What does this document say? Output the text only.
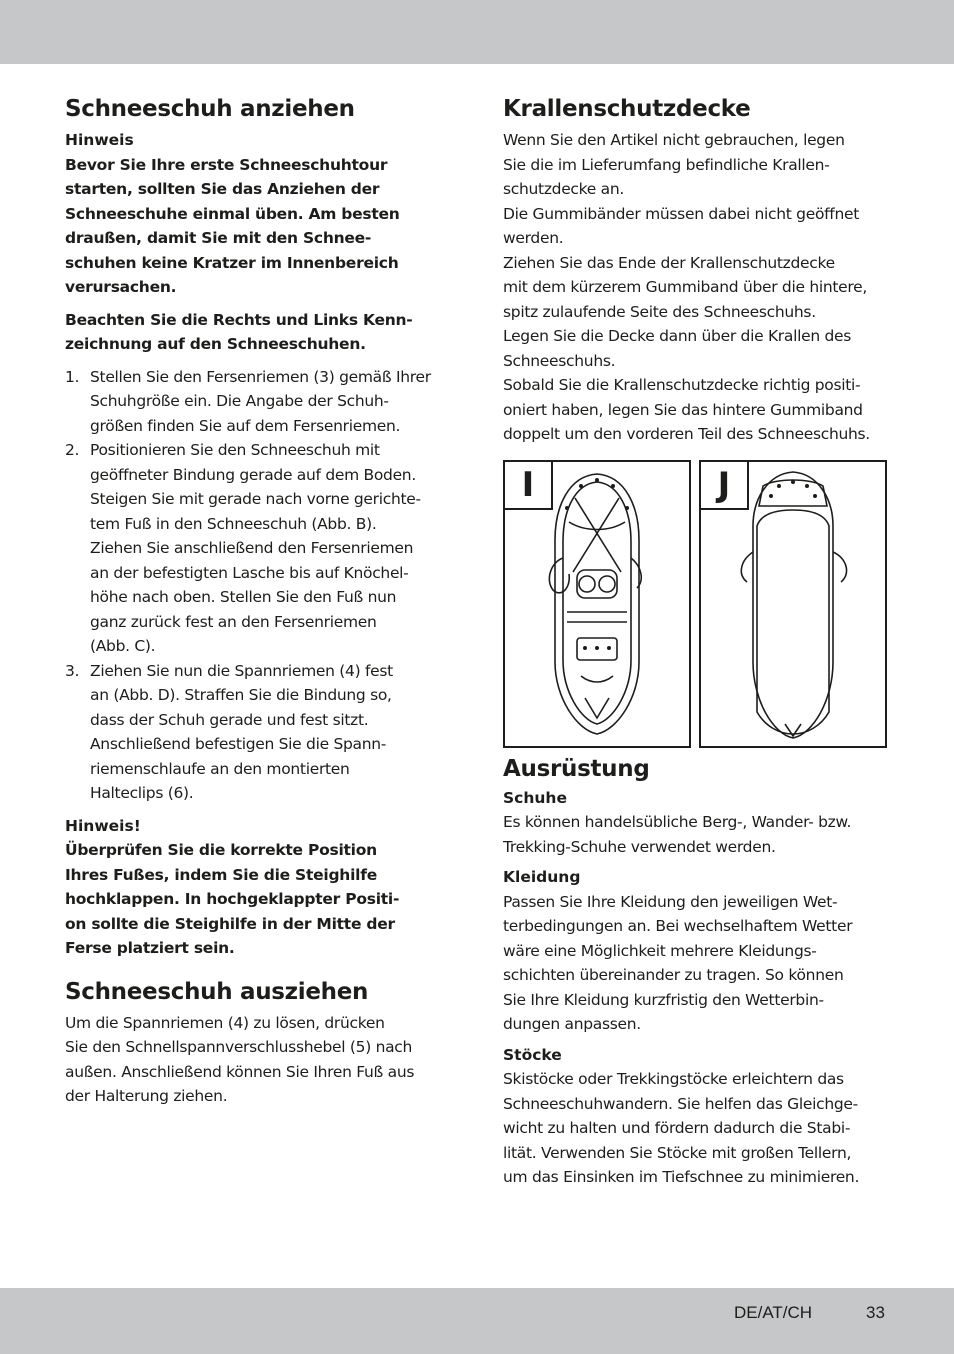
Schneeschuh anziehen
Hinweis

Bevor Sie Ihre erste Schneeschuhtour
starten, sollten Sie das Anziehen der
Schneeschuhe einmal üben. Am besten
draußen, damit Sie mit den Schnee-
schuhen keine Kratzer im Innenbereich
verursachen.

Beachten Sie die Rechts und Links Kenn-
zeichnung auf den Schneeschuhen.

1. Stellen Sie den Fersenriemen (3) gemäß Ihrer
Schuhgröße ein. Die Angabe der Schuh-
größen finden Sie auf dem Fersenriemen.
2. Positionieren Sie den Schneeschuh mit
geöffneter Bindung gerade auf dem Boden.
Steigen Sie mit gerade nach vorne gerichte-
tem Fuß in den Schneeschuh (Abb. B).
Ziehen Sie anschließend den Fersenriemen
an der befestigten Lasche bis auf Knöchel-
höhe nach oben. Stellen Sie den Fuß nun
ganz zurück fest an den Fersenriemen
(Abb. C).
3. Ziehen Sie nun die Spannriemen (4) fest
an (Abb. D). Straffen Sie die Bindung so,
dass der Schuh gerade und fest sitzt.
Anschließend befestigen Sie die Spann-
riemenschlaufe an den montierten
Halteclips (6).
Hinweis!

Überprüfen Sie die korrekte Position
Ihres Fußes, indem Sie die Steighilfe
hochklappen. In hochgeklappter Positi-
on sollte die Steighilfe in der Mitte der
Ferse platziert sein.

Schneeschuh ausziehen

Um die Spannriemen (4) zu lösen, drücken
Sie den Schnellspannverschlusshebel (5) nach
außen. Anschließend können Sie Ihren Fuß aus
der Halterung ziehen.

Krallenschutzdecke

Wenn Sie den Artikel nicht gebrauchen, legen
Sie die im Lieferumfang befindliche Krallen-
schutzdecke an.
Die Gummibänder müssen dabei nicht geöffnet
werden.
Ziehen Sie das Ende der Krallenschutzdecke
mit dem kürzerem Gummiband über die hintere,
spitz zulaufende Seite des Schneeschuhs.
Legen Sie die Decke dann über die Krallen des
Schneeschuhs.
Sobald Sie die Krallenschutzdecke richtig positi-
oniert haben, legen Sie das hintere Gummiband
doppelt um den vorderen Teil des Schneeschuhs.

I	J
Ausrüstung
Schuhe

Es können handelsübliche Berg-, Wander- bzw.
Trekking-Schuhe verwendet werden.

Kleidung

Passen Sie Ihre Kleidung den jeweiligen Wet-
terbedingungen an. Bei wechselhaftem Wetter
wäre eine Möglichkeit mehrere Kleidungs-
schichten übereinander zu tragen. So können
Sie Ihre Kleidung kurzfristig den Wetterbin-
dungen anpassen.

Stöcke

Skistöcke oder Trekkingstöcke erleichtern das
Schneeschuhwandern. Sie helfen das Gleichge-
wicht zu halten und fördern dadurch die Stabi-
lität. Verwenden Sie Stöcke mit großen Tellern,
um das Einsinken im Tiefschnee zu minimieren.

DE/AT/CH	33
